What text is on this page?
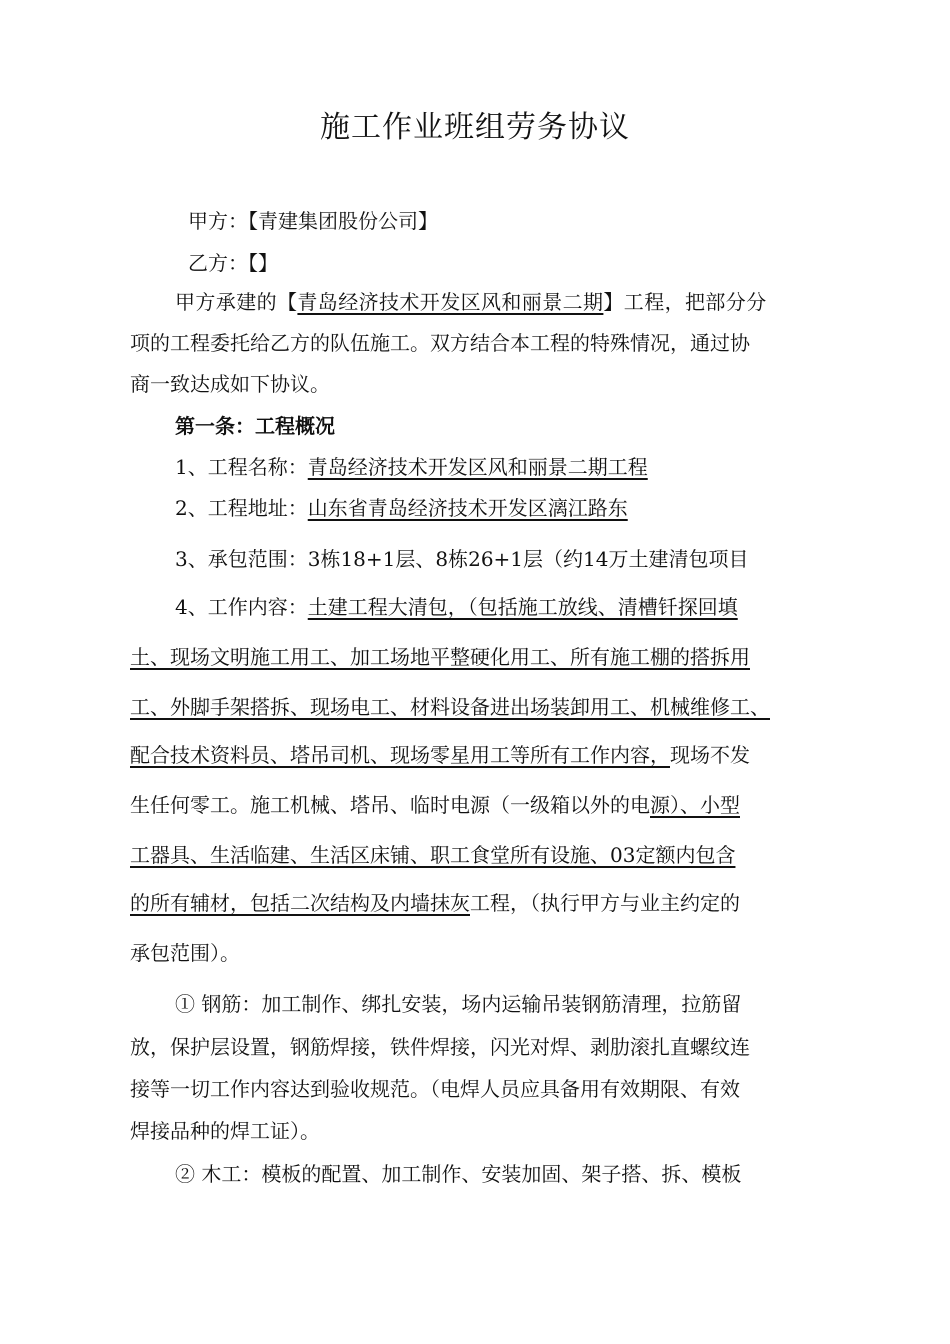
施工作业班组劳务协议
甲方：【青建集团股份公司】
乙方：【】
甲方承建的【青岛经济技术开发区风和丽景二期】工程，把部分分
项的工程委托给乙方的队伍施工。双方结合本工程的特殊情况，通过协
商一致达成如下协议。
第一条：工程概况
1、工程名称：青岛经济技术开发区风和丽景二期工程
2、工程地址：山东省青岛经济技术开发区漓江路东
3、承包范围：3栋18+1层、8栋26+1层（约14万土建清包项目
4、工作内容：土建工程大清包，（包括施工放线、清槽钎探回填
土、现场文明施工用工、加工场地平整硬化用工、所有施工棚的搭拆用
工、外脚手架搭拆、现场电工、材料设备进出场装卸用工、机械维修工、
配合技术资料员、塔吊司机、现场零星用工等所有工作内容，现场不发
生任何零工。施工机械、塔吊、临时电源（一级箱以外的电源）、小型
工器具、生活临建、生活区床铺、职工食堂所有设施、03定额内包含
的所有辅材，包括二次结构及内墙抹灰工程，（执行甲方与业主约定的
承包范围）。
① 钢筋：加工制作、绑扎安装，场内运输吊装钢筋清理，拉筋留
放，保护层设置，钢筋焊接，铁件焊接，闪光对焊、剥肋滚扎直螺纹连
接等一切工作内容达到验收规范。（电焊人员应具备用有效期限、有效
焊接品种的焊工证）。
② 木工：模板的配置、加工制作、安装加固、架子搭、拆、模板
